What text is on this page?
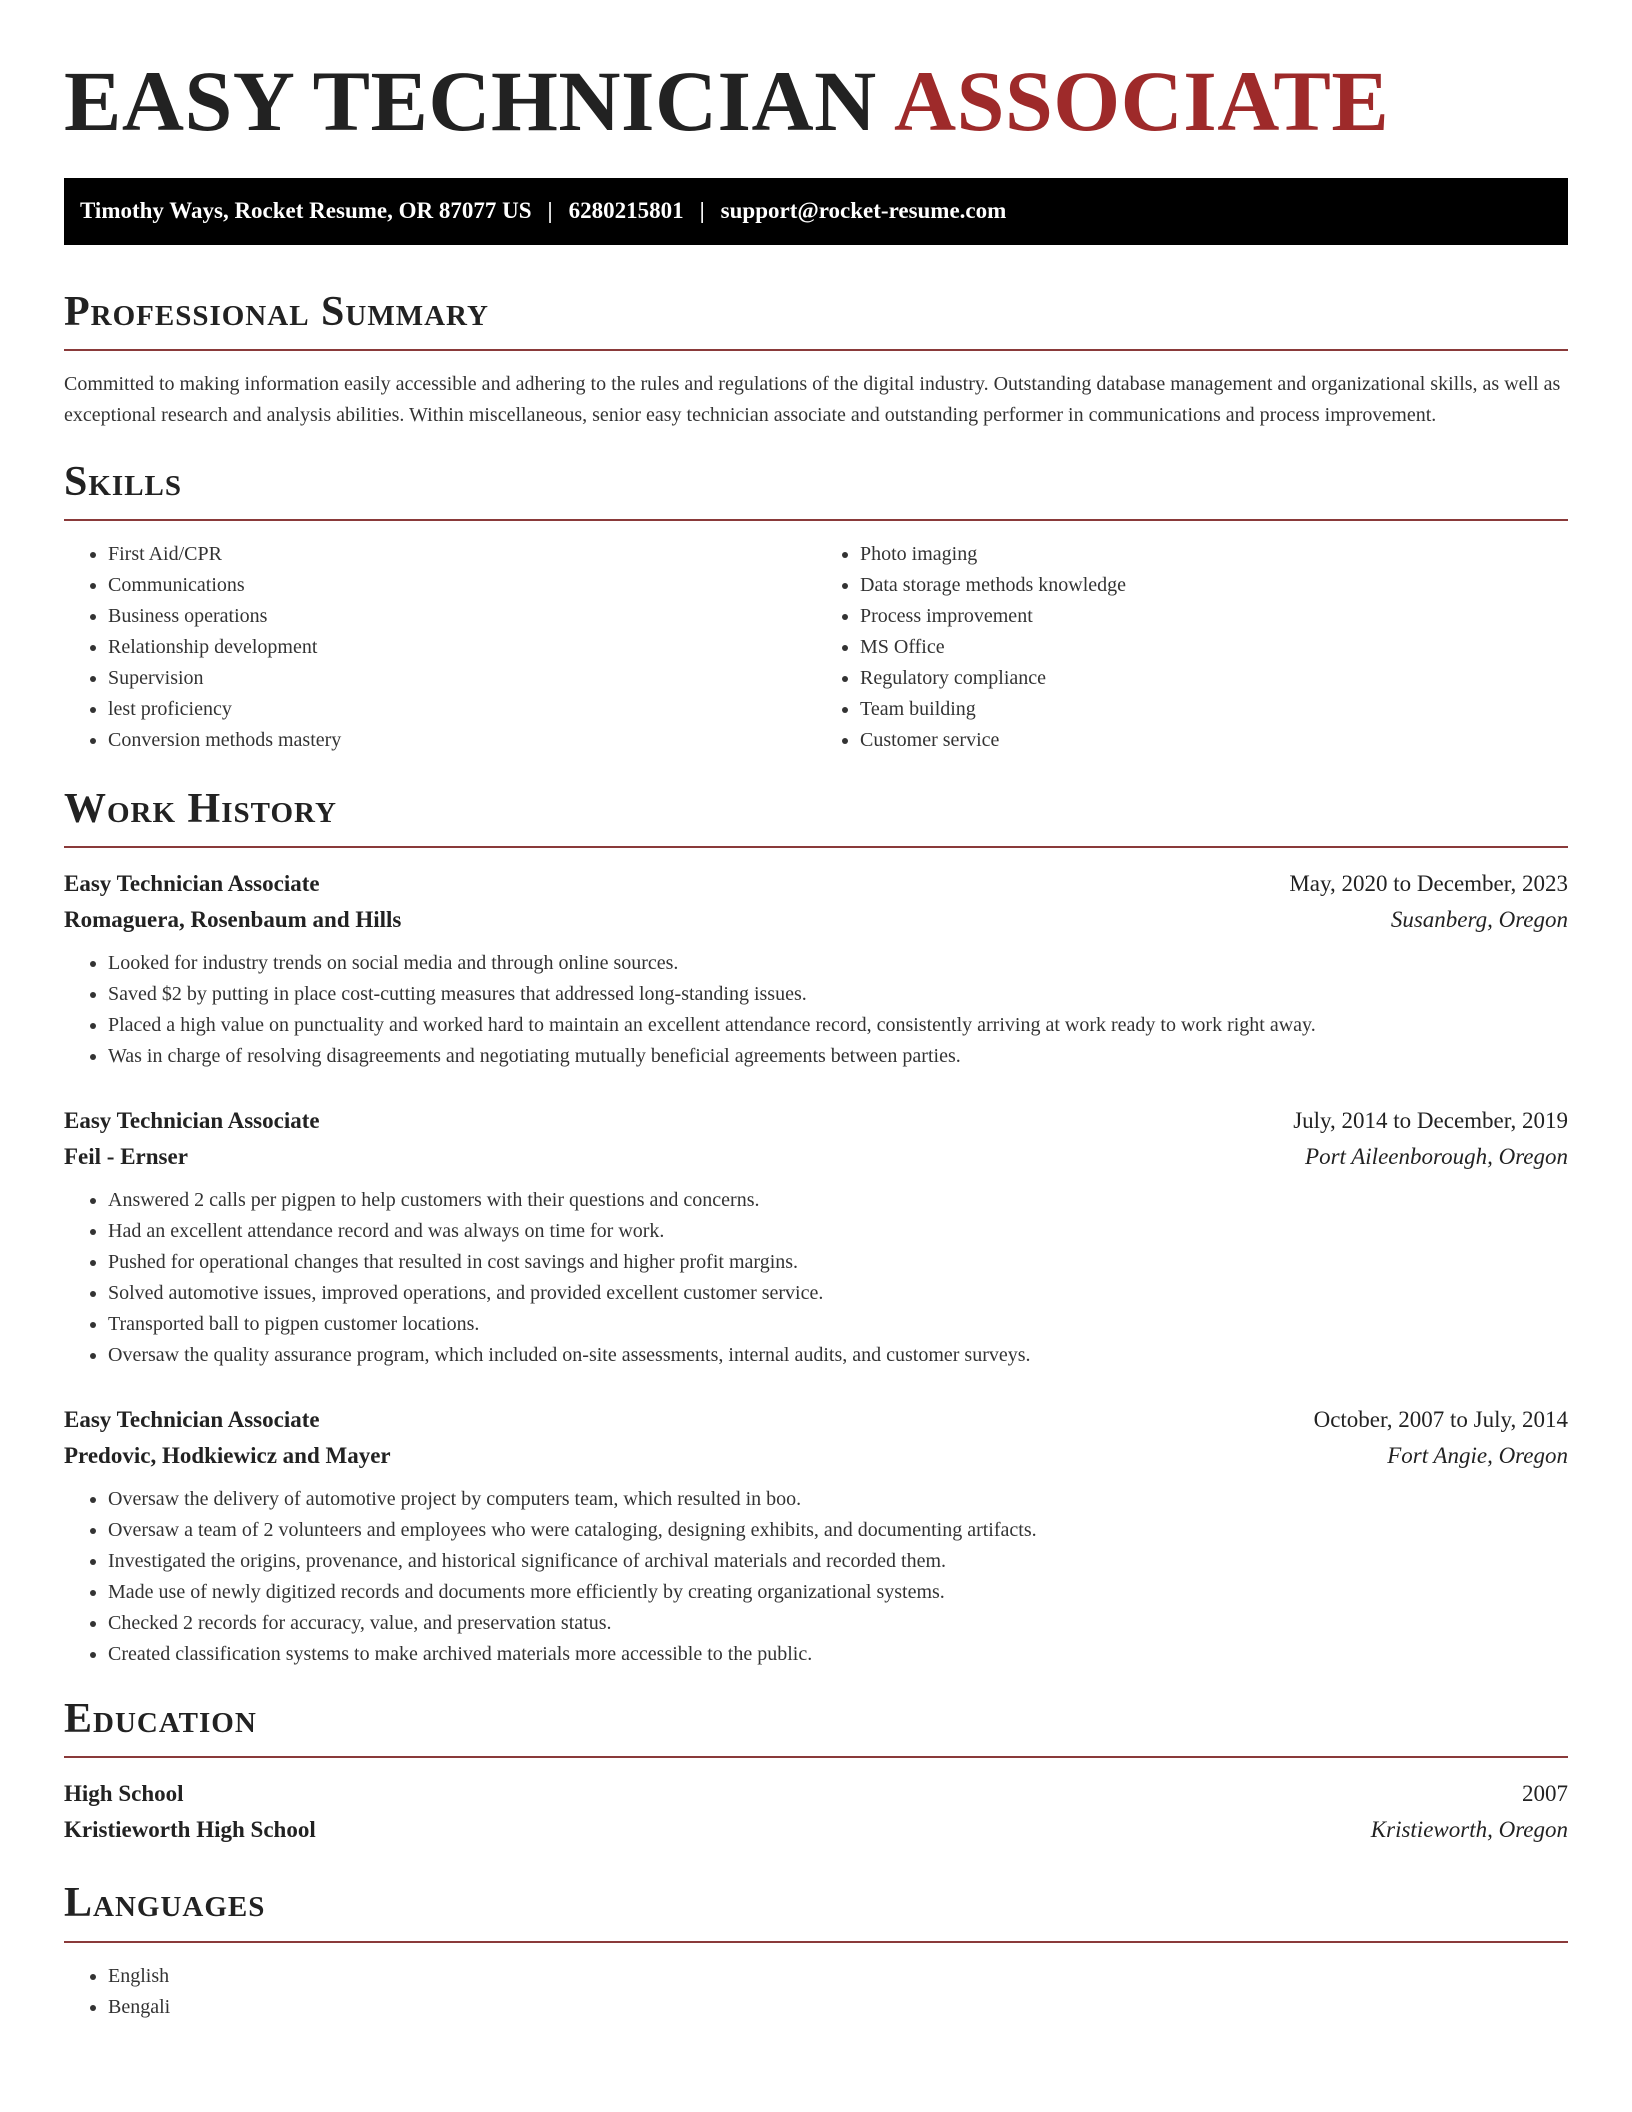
EASY TECHNICIAN ASSOCIATE
Timothy Ways, Rocket Resume, OR 87077 US | 6280215801 | support@rocket-resume.com
Professional Summary

Committed to making information easily accessible and adhering to the rules and regulations of the digital industry. Outstanding database management and organizational skills, as well as exceptional research and analysis abilities. Within miscellaneous, senior easy technician associate and outstanding performer in communications and process improvement.

Skills
• First Aid/CPR
• Communications
• Business operations
• Relationship development
• Supervision
• lest proficiency
• Conversion methods mastery
• Photo imaging
• Data storage methods knowledge
• Process improvement
• MS Office
• Regulatory compliance
• Team building
• Customer service
Work History
Easy Technician Associate	May, 2020 to December, 2023
Romaguera, Rosenbaum and Hills	Susanberg, Oregon
• Looked for industry trends on social media and through online sources.
• Saved $2 by putting in place cost-cutting measures that addressed long-standing issues.
• Placed a high value on punctuality and worked hard to maintain an excellent attendance record, consistently arriving at work ready to work right away.
• Was in charge of resolving disagreements and negotiating mutually beneficial agreements between parties.
Easy Technician Associate	July, 2014 to December, 2019
Feil - Ernser	Port Aileenborough, Oregon
• Answered 2 calls per pigpen to help customers with their questions and concerns.
• Had an excellent attendance record and was always on time for work.
• Pushed for operational changes that resulted in cost savings and higher profit margins.
• Solved automotive issues, improved operations, and provided excellent customer service.
• Transported ball to pigpen customer locations.
• Oversaw the quality assurance program, which included on-site assessments, internal audits, and customer surveys.
Easy Technician Associate	October, 2007 to July, 2014
Predovic, Hodkiewicz and Mayer	Fort Angie, Oregon
• Oversaw the delivery of automotive project by computers team, which resulted in boo.
• Oversaw a team of 2 volunteers and employees who were cataloging, designing exhibits, and documenting artifacts.
• Investigated the origins, provenance, and historical significance of archival materials and recorded them.
• Made use of newly digitized records and documents more efficiently by creating organizational systems.
• Checked 2 records for accuracy, value, and preservation status.
• Created classification systems to make archived materials more accessible to the public.
Education
High School	2007
Kristieworth High School	Kristieworth, Oregon
Languages
• English
• Bengali
